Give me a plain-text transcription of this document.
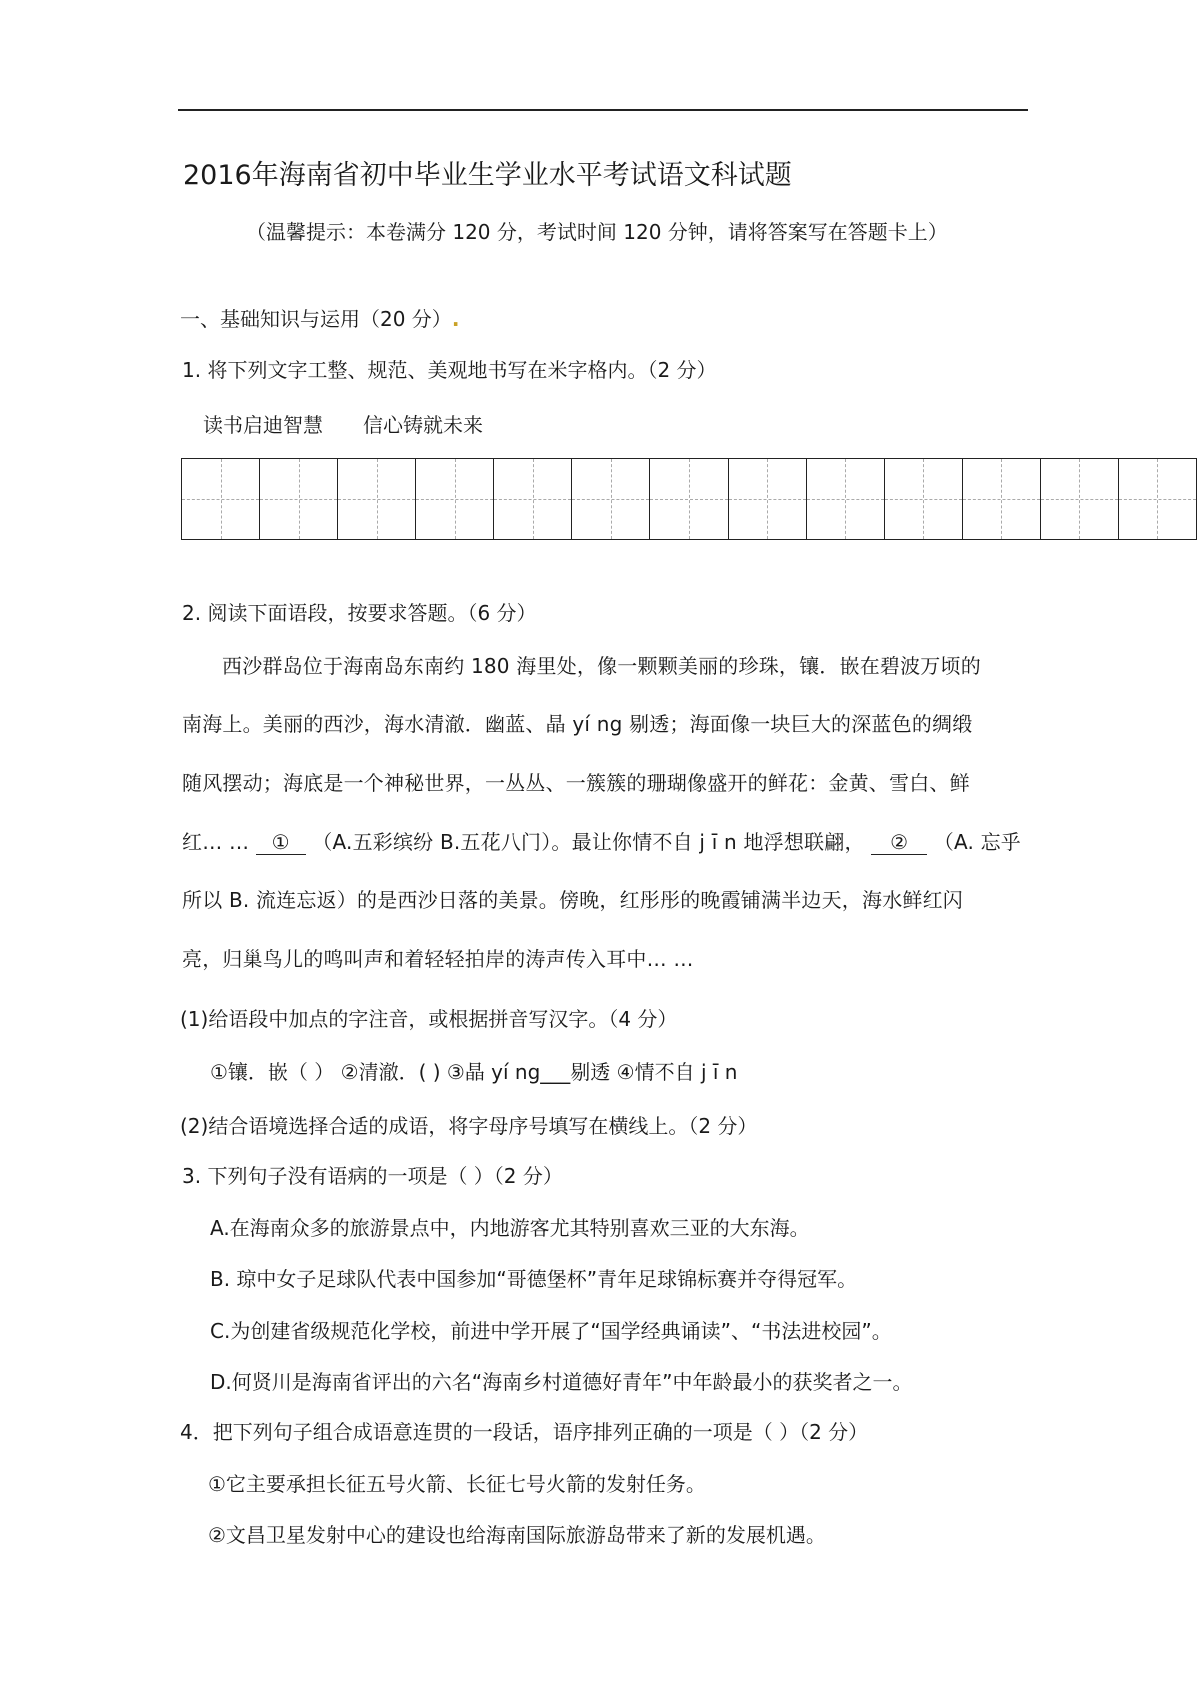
2016年海南省初中毕业生学业水平考试语文科试题
（温馨提示：本卷满分 120 分，考试时间 120 分钟，请将答案写在答题卡上）
一、基础知识与运用（20 分）.
1. 将下列文字工整、规范、美观地书写在米字格内。（2 分）
读书启迪智慧 信心铸就未来
2. 阅读下面语段，按要求答题。（6 分）
西沙群岛位于海南岛东南约 180 海里处，像一颗颗美丽的珍珠，镶．嵌在碧波万顷的
南海上。美丽的西沙，海水清澈．幽蓝、晶 yí ng 剔透；海面像一块巨大的深蓝色的绸缎
随风摆动；海底是一个神秘世界，一丛丛、一簇簇的珊瑚像盛开的鲜花：金黄、雪白、鲜
红… … ① （A.五彩缤纷 B.五花八门）。最让你情不自 j ī n 地浮想联翩， ② （A. 忘乎
所以 B. 流连忘返）的是西沙日落的美景。傍晚，红彤彤的晚霞铺满半边天，海水鲜红闪
亮，归巢鸟儿的鸣叫声和着轻轻拍岸的涛声传入耳中… …
(1)给语段中加点的字注音，或根据拼音写汉字。（4 分）
①镶．嵌（ ） ②清澈．( ) ③晶 yí ng___剔透 ④情不自 j ī n
(2)结合语境选择合适的成语，将字母序号填写在横线上。（2 分）
3. 下列句子没有语病的一项是（ ）（2 分）
A.在海南众多的旅游景点中，内地游客尤其特别喜欢三亚的大东海。
B. 琼中女子足球队代表中国参加“哥德堡杯”青年足球锦标赛并夺得冠军。
C.为创建省级规范化学校，前进中学开展了“国学经典诵读”、“书法进校园”。
D.何贤川是海南省评出的六名“海南乡村道德好青年”中年龄最小的获奖者之一。
4．把下列句子组合成语意连贯的一段话，语序排列正确的一项是（ ）（2 分）
①它主要承担长征五号火箭、长征七号火箭的发射任务。
②文昌卫星发射中心的建设也给海南国际旅游岛带来了新的发展机遇。
